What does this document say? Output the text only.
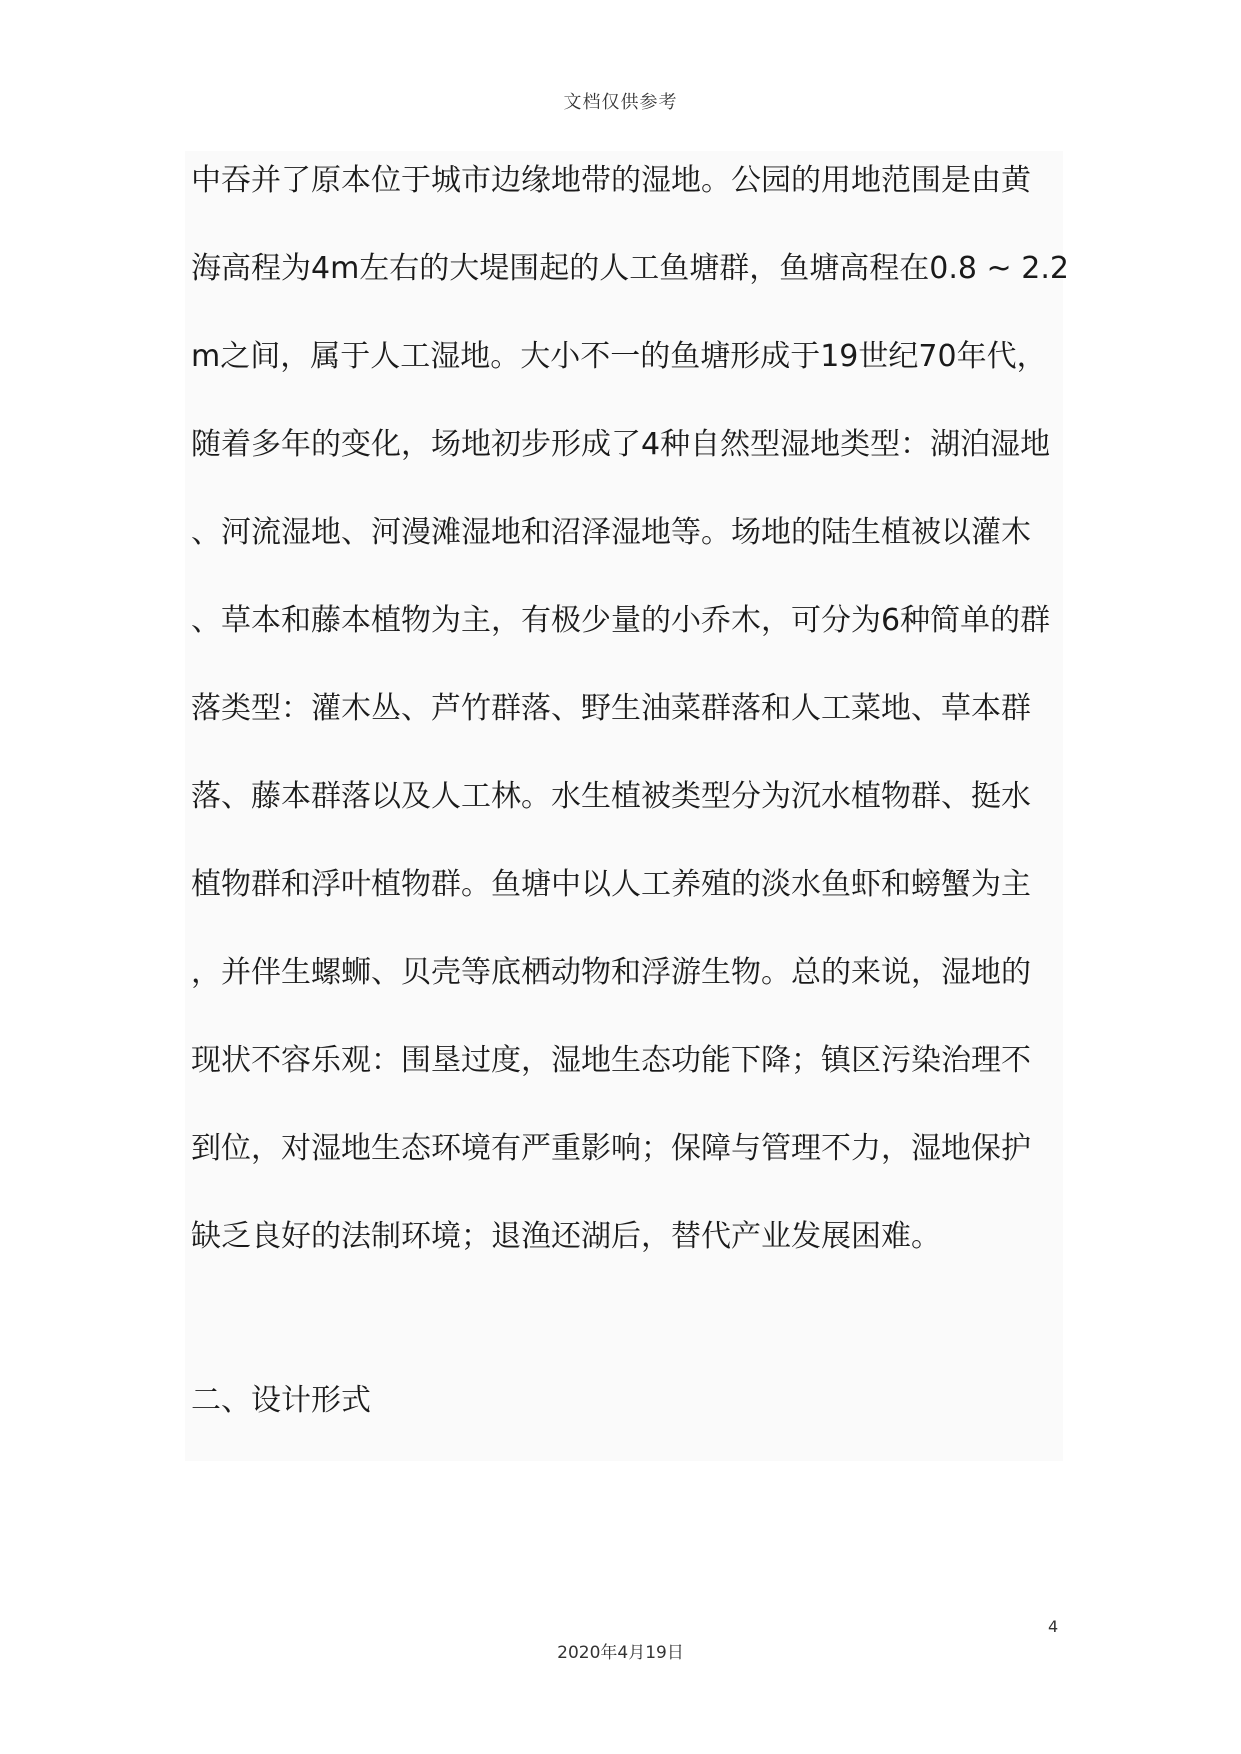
文档仅供参考

中吞并了原本位于城市边缘地带的湿地。公园的用地范围是由黄

海高程为4m左右的大堤围起的人工鱼塘群，鱼塘高程在0.8 ~ 2.2

m之间，属于人工湿地。大小不一的鱼塘形成于19世纪70年代，

随着多年的变化，场地初步形成了4种自然型湿地类型：湖泊湿地

、河流湿地、河漫滩湿地和沼泽湿地等。场地的陆生植被以灌木

、草本和藤本植物为主，有极少量的小乔木，可分为6种简单的群

落类型：灌木丛、芦竹群落、野生油菜群落和人工菜地、草本群

落、藤本群落以及人工林。水生植被类型分为沉水植物群、挺水

植物群和浮叶植物群。鱼塘中以人工养殖的淡水鱼虾和螃蟹为主

，并伴生螺蛳、贝壳等底栖动物和浮游生物。总的来说，湿地的

现状不容乐观：围垦过度，湿地生态功能下降；镇区污染治理不

到位，对湿地生态环境有严重影响；保障与管理不力，湿地保护

缺乏良好的法制环境；退渔还湖后，替代产业发展困难。

二、设计形式
4
2020年4月19日
